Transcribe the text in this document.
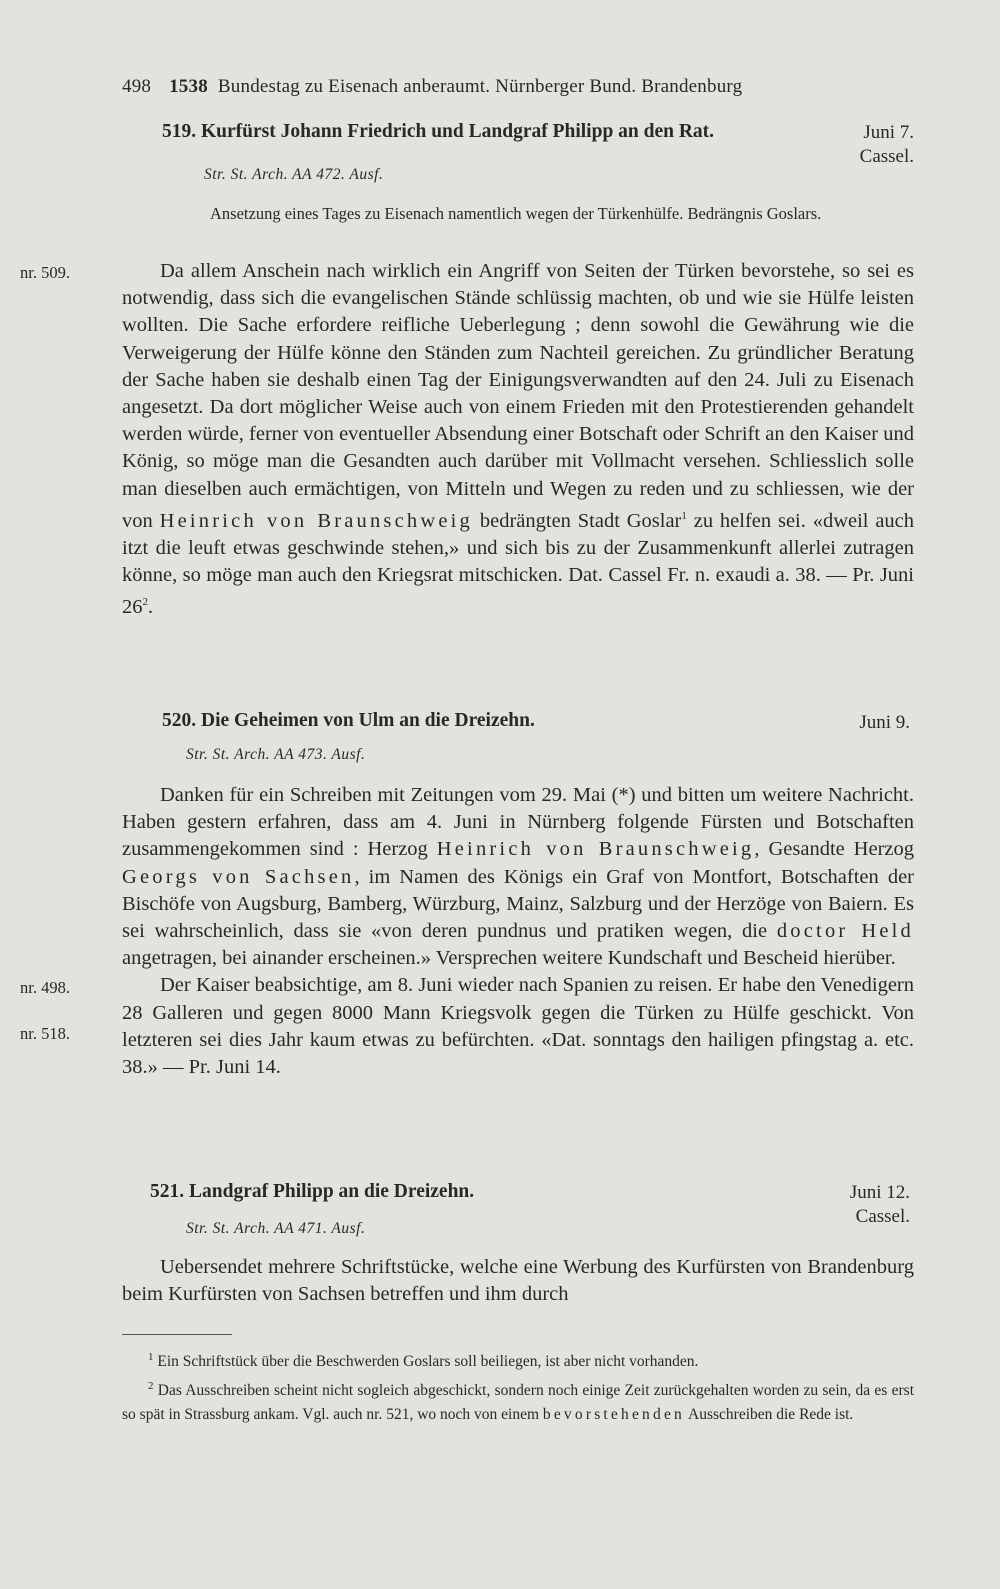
498 1538 Bundestag zu Eisenach anberaumt. Nürnberger Bund. Brandenburg
519. Kurfürst Johann Friedrich und Landgraf Philipp an den Rat.	Juni 7.
Cassel.
Str. St. Arch. AA 472. Ausf.
Ansetzung eines Tages zu Eisenach namentlich wegen der Türkenhülfe. Bedrängnis Goslars.
nr. 509.	Da allem Anschein nach wirklich ein Angriff von Seiten der Türken bevorstehe, so sei es notwendig, dass sich die evangelischen Stände schlüssig machten, ob und wie sie Hülfe leisten wollten. Die Sache erfordere reifliche Ueberlegung ; denn sowohl die Gewährung wie die Verweigerung der Hülfe könne den Ständen zum Nachteil gereichen. Zu gründlicher Beratung der Sache haben sie deshalb einen Tag der Einigungsverwandten auf den 24. Juli zu Eisenach angesetzt. Da dort möglicher Weise auch von einem Frieden mit den Protestierenden gehandelt werden würde, ferner von eventueller Absendung einer Botschaft oder Schrift an den Kaiser und König, so möge man die Gesandten auch darüber mit Vollmacht versehen. Schliesslich solle man dieselben auch ermächtigen, von Mitteln und Wegen zu reden und zu schliessen, wie der von Heinrich von Braunschweig bedrängten Stadt Goslar$^1$ zu helfen sei. «dweil auch itzt die leuft etwas geschwinde stehen,» und sich bis zu der Zusammenkunft allerlei zutragen könne, so möge man auch den Kriegsrat mitschicken. Dat. Cassel Fr. n. exaudi a. 38. — Pr. Juni $26^2$.

520. Die Geheimen von Ulm an die Dreizehn.	Juni 9.
Str. St. Arch. AA 473. Ausf.
nr. 498.
nr. 518.

Danken für ein Schreiben mit Zeitungen vom 29. Mai (*) und bitten um weitere Nachricht. Haben gestern erfahren, dass am 4. Juni in Nürnberg folgende Fürsten und Botschaften zusammengekommen sind : Herzog Heinrich von Braunschweig, Gesandte Herzog Georgs von Sachsen, im Namen des Königs ein Graf von Montfort, Botschaften der Bischöfe von Augsburg, Bamberg, Würzburg, Mainz, Salzburg und der Herzöge von Baiern. Es sei wahrscheinlich, dass sie «von deren pundnus und pratiken wegen, die doctor Held angetragen, bei ainander erscheinen.» Versprechen weitere Kundschaft und Bescheid hierüber.

Der Kaiser beabsichtige, am 8. Juni wieder nach Spanien zu reisen. Er habe den Venedigern 28 Galleren und gegen 8000 Mann Kriegsvolk gegen die Türken zu Hülfe geschickt. Von letzteren sei dies Jahr kaum etwas zu befürchten. «Dat. sonntags den hailigen pfingstag a. etc. 38.» — Pr. Juni 14.

521. Landgraf Philipp an die Dreizehn.	Juni 12.
Cassel.
Str. St. Arch. AA 471. Ausf.

Uebersendet mehrere Schriftstücke, welche eine Werbung des Kurfürsten von Brandenburg beim Kurfürsten von Sachsen betreffen und ihm durch

$^1$ Ein Schriftstück über die Beschwerden Goslars soll beiliegen, ist aber nicht vorhanden.

$^2$ Das Ausschreiben scheint nicht sogleich abgeschickt, sondern noch einige Zeit zurückgehalten worden zu sein, da es erst so spät in Strassburg ankam. Vgl. auch nr. 521, wo noch von einem bevorstehenden Ausschreiben die Rede ist.
